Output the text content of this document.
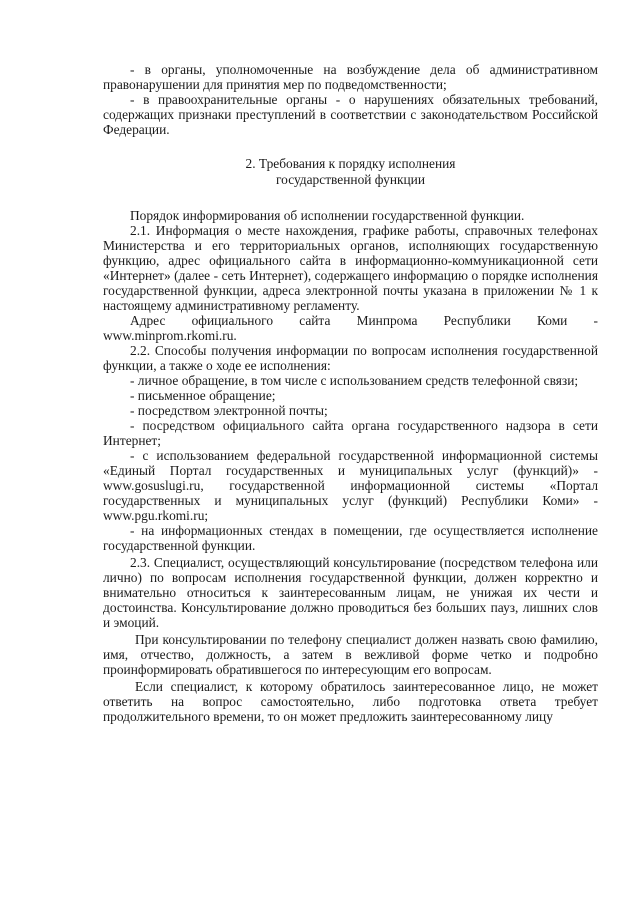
- в органы, уполномоченные на возбуждение дела об административном правонарушении для принятия мер по подведомственности;

- в правоохранительные органы - о нарушениях обязательных требований, содержащих признаки преступлений в соответствии с законодательством Российской Федерации.

2. Требования к порядку исполнения

государственной функции

Порядок информирования об исполнении государственной функции.

2.1. Информация о месте нахождения, графике работы, справочных телефонах Министерства и его территориальных органов, исполняющих государственную функцию, адрес официального сайта в информационно-коммуникационной сети «Интернет» (далее - сеть Интернет), содержащего информацию о порядке исполнения государственной функции, адреса электронной почты указана в приложении № 1 к настоящему административному регламенту.

Адрес официального сайта Минпрома Республики Коми - www.minprom.rkomi.ru.

2.2. Способы получения информации по вопросам исполнения государственной функции, а также о ходе ее исполнения:

- личное обращение, в том числе с использованием средств телефонной связи;

- письменное обращение;

- посредством электронной почты;

- посредством официального сайта органа государственного надзора в сети Интернет;

- с использованием федеральной государственной информационной системы «Единый Портал государственных и муниципальных услуг (функций)» - www.gosuslugi.ru, государственной информационной системы «Портал государственных и муниципальных услуг (функций) Республики Коми» - www.pgu.rkomi.ru;

- на информационных стендах в помещении, где осуществляется исполнение государственной функции.

2.3. Специалист, осуществляющий консультирование (посредством телефона или лично) по вопросам исполнения государственной функции, должен корректно и внимательно относиться к заинтересованным лицам, не унижая их чести и достоинства. Консультирование должно проводиться без больших пауз, лишних слов и эмоций.

При консультировании по телефону специалист должен назвать свою фамилию, имя, отчество, должность, а затем в вежливой форме четко и подробно проинформировать обратившегося по интересующим его вопросам.

Если специалист, к которому обратилось заинтересованное лицо, не может ответить на вопрос самостоятельно, либо подготовка ответа требует продолжительного времени, то он может предложить заинтересованному лицу
